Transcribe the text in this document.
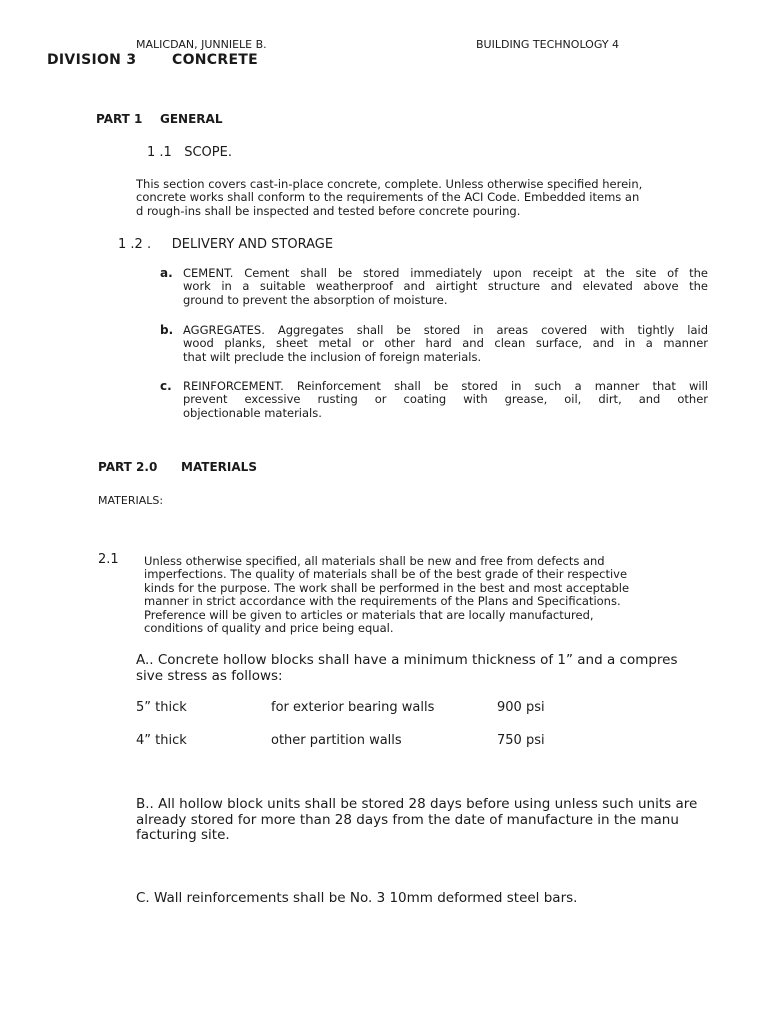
MALICDAN, JUNNIELE B.	BUILDING TECHNOLOGY 4
DIVISION 3	CONCRETE
PART 1 GENERAL
1 .1   SCOPE.
This section covers cast-in-place concrete, complete. Unless otherwise specified herein,
concrete works shall conform to the requirements of the ACI Code. Embedded items an
d rough-ins shall be inspected and tested before concrete pouring.
1 .2 .     DELIVERY AND STORAGE
a. CEMENT. Cement shall be stored immediately upon receipt at the site of the
work in a suitable weatherproof and airtight structure and elevated above the
ground to prevent the absorption of moisture.
b. AGGREGATES. Aggregates shall be stored in areas covered with tightly laid
wood planks, sheet metal or other hard and clean surface, and in a manner
that wilt preclude the inclusion of foreign materials.
c. REINFORCEMENT. Reinforcement shall be stored in such a manner that will
prevent excessive rusting or coating with grease, oil, dirt, and other
objectionable materials.
PART 2.0 MATERIALS
MATERIALS:
2.1 Unless otherwise specified, all materials shall be new and free from defects and
imperfections. The quality of materials shall be of the best grade of their respective
kinds for the purpose. The work shall be performed in the best and most acceptable
manner in strict accordance with the requirements of the Plans and Specifications.
Preference will be given to articles or materials that are locally manufactured,
conditions of quality and price being equal.
A.. Concrete hollow blocks shall have a minimum thickness of 1” and a compres
sive stress as follows:
5” thick	for exterior bearing walls	900 psi
4” thick	other partition walls	750 psi
B.. All hollow block units shall be stored 28 days before using unless such units are
already stored for more than 28 days from the date of manufacture in the manu
facturing site.
C. Wall reinforcements shall be No. 3 10mm deformed steel bars.
